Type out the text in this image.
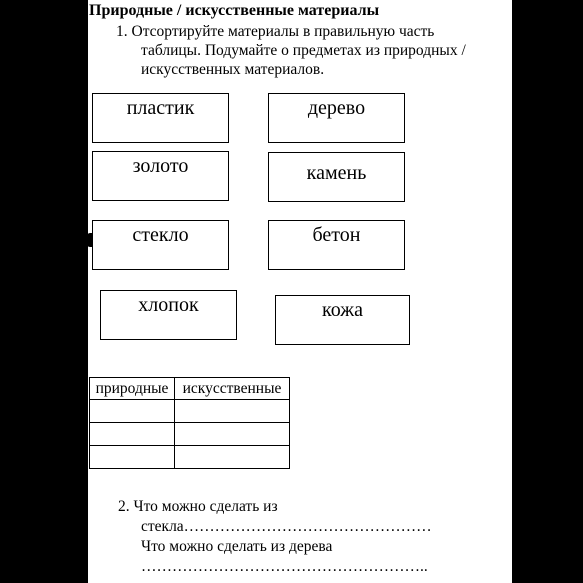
Природные / искусственные материалы
1. Отсортируйте материалы в правильную часть
таблицы. Подумайте о предметах из природных /
искусственных материалов.
пластик	дерево
золото	камень
стекло	бетон
хлопок	кожа
природные	искусственные

2. Что можно сделать из
стекла…………………………………………
Что можно сделать из дерева
………………………………………………..
